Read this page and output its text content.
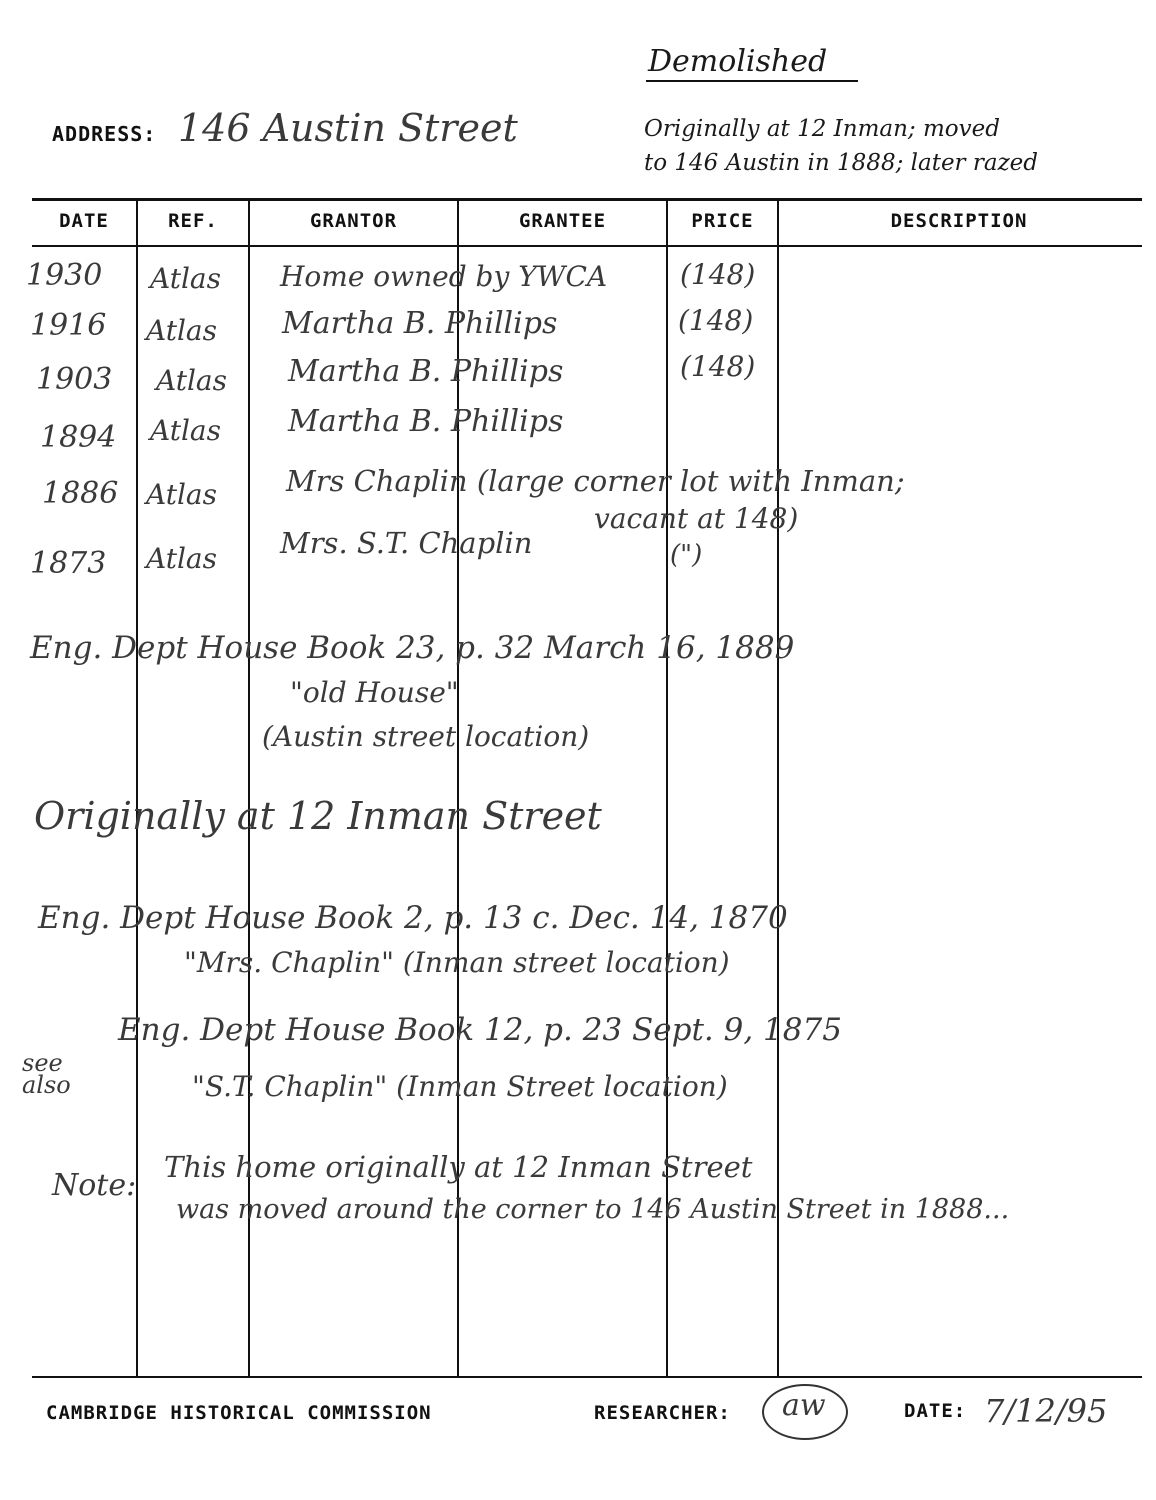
Demolished
ADDRESS: 146 Austin Street	Originally at 12 Inman; moved
to 146 Austin in 1888; later razed
DATE	REF.	GRANTOR	GRANTEE	PRICE	DESCRIPTION
1930 Atlas Home owned by YWCA	(148)
1916 Atlas Martha B. Phillips	(148)
1903 Atlas Martha B. Phillips	(148)
1894 Atlas Martha B. Phillips
1886 Atlas Mrs Chaplin (large corner lot with Inman;
vacant at 148)
1873 Atlas Mrs. S.T. Chaplin	(")
Eng. Dept House Book 23, p. 32 March 16, 1889
"old House"
(Austin street location)
Originally at 12 Inman Street
Eng. Dept House Book 2, p. 13 c. Dec. 14, 1870
"Mrs. Chaplin" (Inman street location)
see also
Eng. Dept House Book 12, p. 23 Sept. 9, 1875
"S.T. Chaplin" (Inman Street location)
Note:
This home originally at 12 Inman Street
was moved around the corner to 146 Austin Street in 1888...
CAMBRIDGE HISTORICAL COMMISSION	RESEARCHER: aw	DATE: 7/12/95
